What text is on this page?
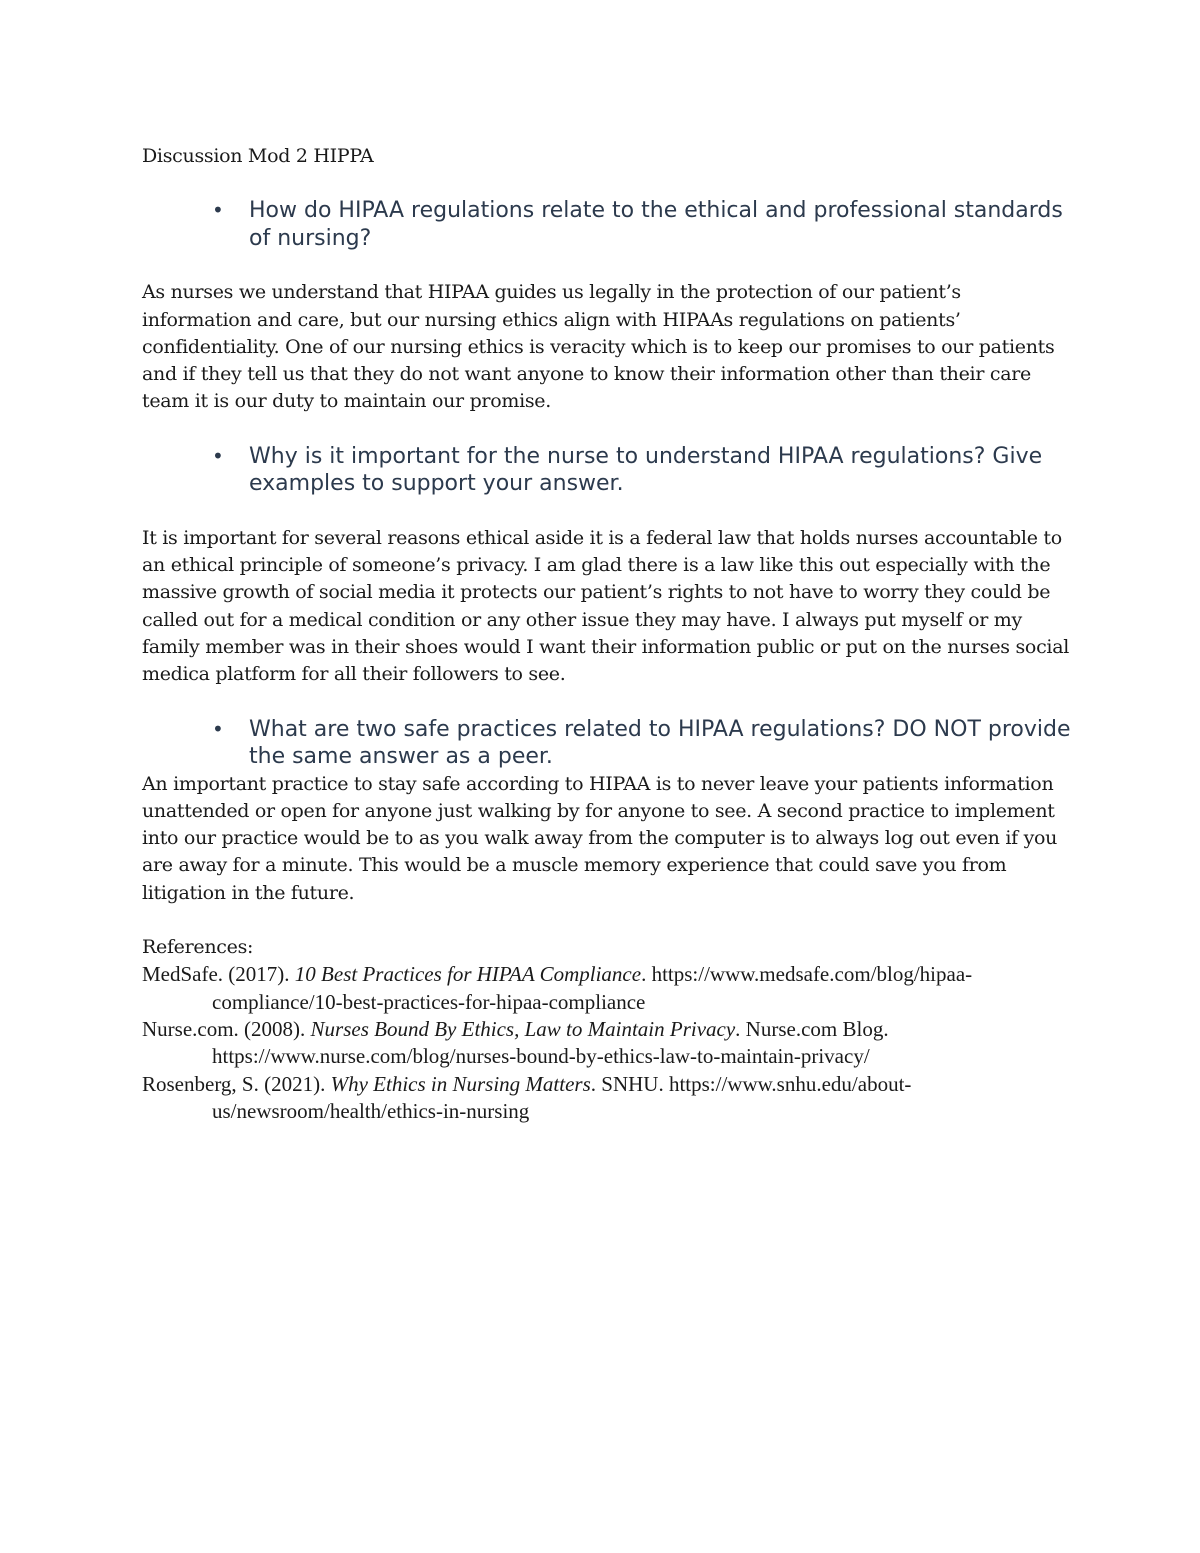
Discussion Mod 2 HIPPA

• How do HIPAA regulations relate to the ethical and professional standards of nursing?

As nurses we understand that HIPAA guides us legally in the protection of our patient’s information and care, but our nursing ethics align with HIPAAs regulations on patients’ confidentiality. One of our nursing ethics is veracity which is to keep our promises to our patients and if they tell us that they do not want anyone to know their information other than their care team it is our duty to maintain our promise.

• Why is it important for the nurse to understand HIPAA regulations? Give examples to support your answer.

It is important for several reasons ethical aside it is a federal law that holds nurses accountable to an ethical principle of someone’s privacy. I am glad there is a law like this out especially with the massive growth of social media it protects our patient’s rights to not have to worry they could be called out for a medical condition or any other issue they may have. I always put myself or my family member was in their shoes would I want their information public or put on the nurses social medica platform for all their followers to see.

• What are two safe practices related to HIPAA regulations? DO NOT provide the same answer as a peer.

An important practice to stay safe according to HIPAA is to never leave your patients information unattended or open for anyone just walking by for anyone to see. A second practice to implement into our practice would be to as you walk away from the computer is to always log out even if you are away for a minute. This would be a muscle memory experience that could save you from litigation in the future.

References:

MedSafe. (2017). 10 Best Practices for HIPAA Compliance. https://www.medsafe.com/blog/hipaa-compliance/10-best-practices-for-hipaa-compliance

Nurse.com. (2008). Nurses Bound By Ethics, Law to Maintain Privacy. Nurse.com Blog. https://www.nurse.com/blog/nurses-bound-by-ethics-law-to-maintain-privacy/

Rosenberg, S. (2021). Why Ethics in Nursing Matters. SNHU. https://www.snhu.edu/about-us/newsroom/health/ethics-in-nursing
